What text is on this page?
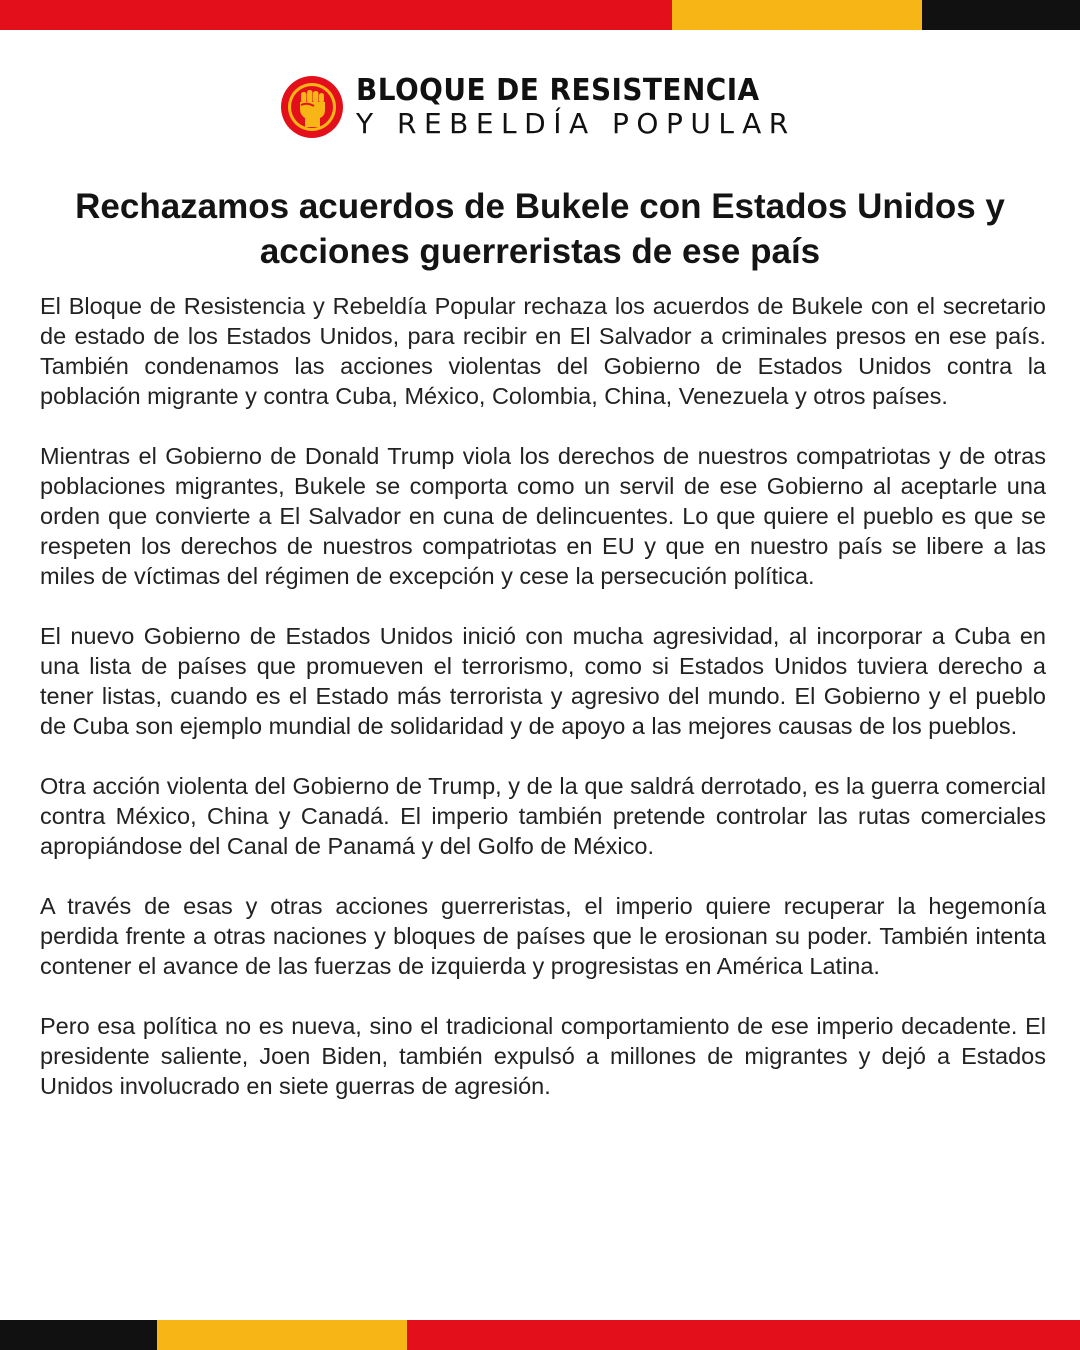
BLOQUE DE RESISTENCIA
Y REBELDÍA POPULAR
Rechazamos acuerdos de Bukele con Estados Unidos y acciones guerreristas de ese país

El Bloque de Resistencia y Rebeldía Popular rechaza los acuerdos de Bukele con el secretario de estado de los Estados Unidos, para recibir en El Salvador a criminales presos en ese país. También condenamos las acciones violentas del Gobierno de Estados Unidos contra la población migrante y contra Cuba, México, Colombia, China, Venezuela y otros países.

Mientras el Gobierno de Donald Trump viola los derechos de nuestros compatriotas y de otras poblaciones migrantes, Bukele se comporta como un servil de ese Gobierno al aceptarle una orden que convierte a El Salvador en cuna de delincuentes. Lo que quiere el pueblo es que se respeten los derechos de nuestros compatriotas en EU y que en nuestro país se libere a las miles de víctimas del régimen de excepción y cese la persecución política.

El nuevo Gobierno de Estados Unidos inició con mucha agresividad, al incorporar a Cuba en una lista de países que promueven el terrorismo, como si Estados Unidos tuviera derecho a tener listas, cuando es el Estado más terrorista y agresivo del mundo. El Gobierno y el pueblo de Cuba son ejemplo mundial de solidaridad y de apoyo a las mejores causas de los pueblos.

Otra acción violenta del Gobierno de Trump, y de la que saldrá derrotado, es la guerra comercial contra México, China y Canadá. El imperio también pretende controlar las rutas comerciales apropiándose del Canal de Panamá y del Golfo de México.

A través de esas y otras acciones guerreristas, el imperio quiere recuperar la hegemonía perdida frente a otras naciones y bloques de países que le erosionan su poder. También intenta contener el avance de las fuerzas de izquierda y progresistas en América Latina.

Pero esa política no es nueva, sino el tradicional comportamiento de ese imperio decadente. El presidente saliente, Joen Biden, también expulsó a millones de migrantes y dejó a Estados Unidos involucrado en siete guerras de agresión.
